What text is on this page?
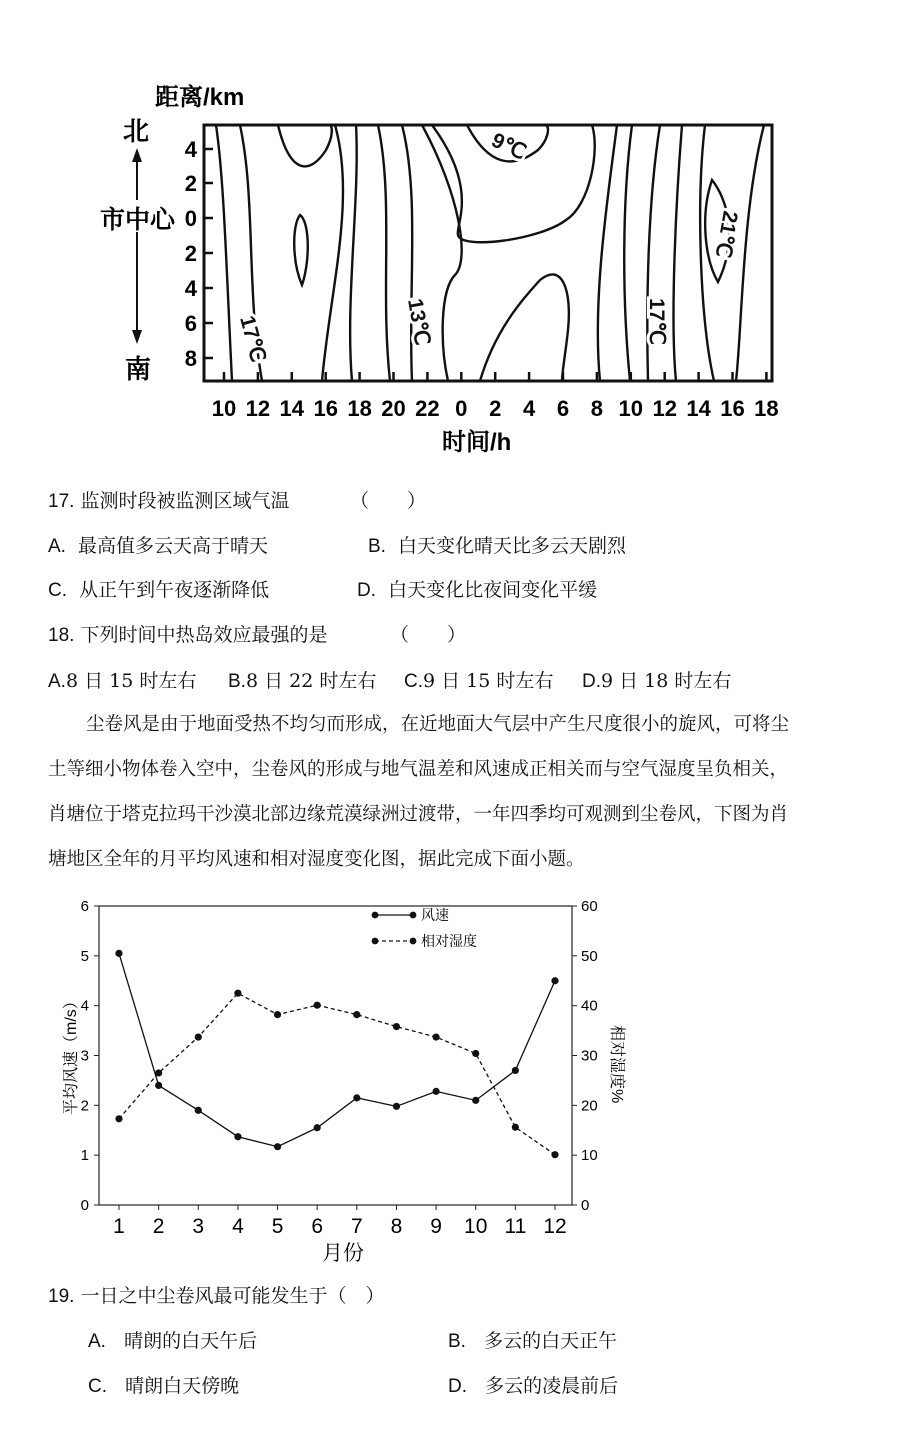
距离/km
北
市中心
南
4
2
0
2
4
6
8
10 12 14 16 18 20 22 0 2 4 6 8 10 12 14 16 18
17℃	13℃
9℃
17℃
21℃
时间/h
17. 监测时段被监测区域气温	（　　）
A. 最高值多云天高于晴天	B. 白天变化晴天比多云天剧烈
C. 从正午到午夜逐渐降低	D. 白天变化比夜间变化平缓
18. 下列时间中热岛效应最强的是	（　　）
A.8 日 15 时左右 B.8 日 22 时左右 C.9 日 15 时左右 D.9 日 18 时左右
尘卷风是由于地面受热不均匀而形成，在近地面大气层中产生尺度很小的旋风，可将尘
土等细小物体卷入空中，尘卷风的形成与地气温差和风速成正相关而与空气湿度呈负相关，
肖塘位于塔克拉玛干沙漠北部边缘荒漠绿洲过渡带，一年四季均可观测到尘卷风，下图为肖
塘地区全年的月平均风速和相对湿度变化图，据此完成下面小题。
0
1
2
3
4
5
6
0
10
20
30
40
50
60
1 2 3 4 5 6 7 8 9 10 11 12
风速
相对湿度
平均风速（m/s）	相对湿度%
月份
19. 一日之中尘卷风最可能发生于（　）
A. 晴朗的白天午后	B. 多云的白天正午
C. 晴朗白天傍晚	D. 多云的凌晨前后
